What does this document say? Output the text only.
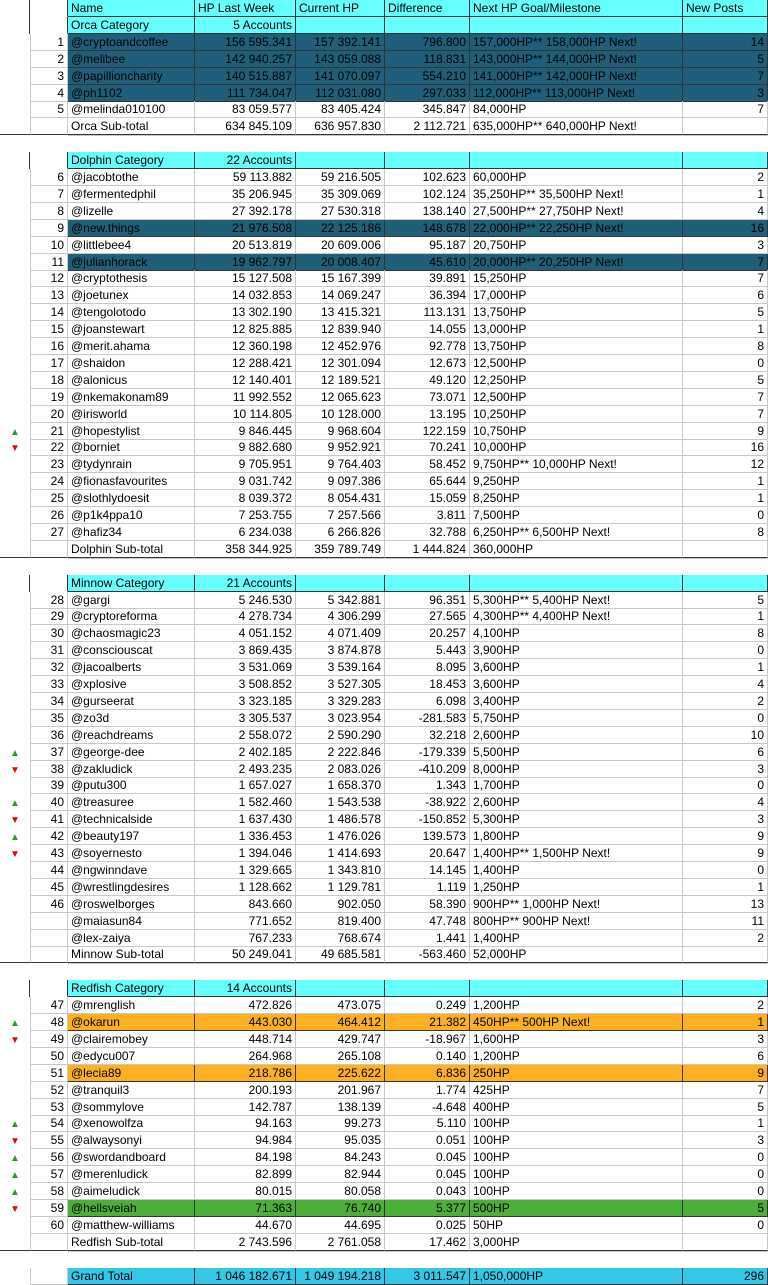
Name	HP Last Week	Current HP	Difference	Next HP Goal/Milestone	New Posts
Orca Category	5 Accounts
1 @cryptoandcoffee	156 595.341	157 392.141	796.800 157,000HP** 158,000HP Next!	14
2 @melibee	142 940.257	143 059.088	118.831 143,000HP** 144,000HP Next!	5
3 @papillioncharity	140 515.887	141 070.097	554.210 141,000HP** 142,000HP Next!	7
4 @ph1102	111 734.047	112 031.080	297.033 112,000HP** 113,000HP Next!	3
5 @melinda010100	83 059.577	83 405.424	345.847 84,000HP	7
Orca Sub-total	634 845.109	636 957.830	2 112.721 635,000HP** 640,000HP Next!
Dolphin Category	22 Accounts
6 @jacobtothe	59 113.882	59 216.505	102.623 60,000HP	2
7 @fermentedphil	35 206.945	35 309.069	102.124 35,250HP** 35,500HP Next!	1
8 @lizelle	27 392.178	27 530.318	138.140 27,500HP** 27,750HP Next!	4
9 @new.things	21 976.508	22 125.186	148.678 22,000HP** 22,250HP Next!	16
10 @littlebee4	20 513.819	20 609.006	95.187 20,750HP	3
11 @julianhorack	19 962.797	20 008.407	45.610 20,000HP** 20,250HP Next!	7
12 @cryptothesis	15 127.508	15 167.399	39.891 15,250HP	7
13 @joetunex	14 032.853	14 069.247	36.394 17,000HP	6
14 @tengolotodo	13 302.190	13 415.321	113.131 13,750HP	5
15 @joanstewart	12 825.885	12 839.940	14.055 13,000HP	1
16 @merit.ahama	12 360.198	12 452.976	92.778 13,750HP	8
17 @shaidon	12 288.421	12 301.094	12.673 12,500HP	0
18 @alonicus	12 140.401	12 189.521	49.120 12,250HP	5
19 @nkemakonam89	11 992.552	12 065.623	73.071 12,500HP	7
20 @irisworld	10 114.805	10 128.000	13.195 10,250HP	7
▲	21 @hopestylist	9 846.445	9 968.604	122.159 10,750HP	9
▼	22 @borniet	9 882.680	9 952.921	70.241 10,000HP	16
23 @tydynrain	9 705.951	9 764.403	58.452 9,750HP** 10,000HP Next!	12
24 @fionasfavourites	9 031.742	9 097.386	65.644 9,250HP	1
25 @slothlydoesit	8 039.372	8 054.431	15.059 8,250HP	1
26 @p1k4ppa10	7 253.755	7 257.566	3.811 7,500HP	0
27 @hafiz34	6 234.038	6 266.826	32.788 6,250HP** 6,500HP Next!	8
Dolphin Sub-total	358 344.925	359 789.749	1 444.824 360,000HP
Minnow Category	21 Accounts
28 @gargi	5 246.530	5 342.881	96.351 5,300HP** 5,400HP Next!	5
29 @cryptoreforma	4 278.734	4 306.299	27.565 4,300HP** 4,400HP Next!	1
30 @chaosmagic23	4 051.152	4 071.409	20.257 4,100HP	8
31 @consciouscat	3 869.435	3 874.878	5.443 3,900HP	0
32 @jacoalberts	3 531.069	3 539.164	8.095 3,600HP	1
33 @xplosive	3 508.852	3 527.305	18.453 3,600HP	4
34 @gurseerat	3 323.185	3 329.283	6.098 3,400HP	2
35 @zo3d	3 305.537	3 023.954	-281.583 5,750HP	0
36 @reachdreams	2 558.072	2 590.290	32.218 2,600HP	10
▲	37 @george-dee	2 402.185	2 222.846	-179.339 5,500HP	6
▼	38 @zakludick	2 493.235	2 083.026	-410.209 8,000HP	3
39 @putu300	1 657.027	1 658.370	1.343 1,700HP	0
▲	40 @treasuree	1 582.460	1 543.538	-38.922 2,600HP	4
▼	41 @technicalside	1 637.430	1 486.578	-150.852 5,300HP	3
▲	42 @beauty197	1 336.453	1 476.026	139.573 1,800HP	9
▼	43 @soyernesto	1 394.046	1 414.693	20.647 1,400HP** 1,500HP Next!	9
44 @ngwinndave	1 329.665	1 343.810	14.145 1,400HP	0
45 @wrestlingdesires	1 128.662	1 129.781	1.119 1,250HP	1
46 @roswelborges	843.660	902.050	58.390 900HP** 1,000HP Next!	13
@maiasun84	771.652	819.400	47.748 800HP** 900HP Next!	11
@lex-zaiya	767.233	768.674	1.441 1,400HP	2
Minnow Sub-total	50 249.041	49 685.581	-563.460 52,000HP
Redfish Category	14 Accounts
47 @mrenglish	472.826	473.075	0.249 1,200HP	2
▲	48 @okarun	443.030	464.412	21.382 450HP** 500HP Next!	1
▼	49 @clairemobey	448.714	429.747	-18.967 1,600HP	3
50 @edycu007	264.968	265.108	0.140 1,200HP	6
51 @lecia89	218.786	225.622	6.836 250HP	9
52 @tranquil3	200.193	201.967	1.774 425HP	7
53 @sommylove	142.787	138.139	-4.648 400HP	5
▲	54 @xenowolfza	94.163	99.273	5.110 100HP	1
▼	55 @alwaysonyi	94.984	95.035	0.051 100HP	3
▲	56 @swordandboard	84.198	84.243	0.045 100HP	0
▲	57 @merenludick	82.899	82.944	0.045 100HP	0
▲	58 @aimeludick	80.015	80.058	0.043 100HP	0
▼	59 @hellsveiah	71.363	76.740	5.377 500HP	5
60 @matthew-williams	44.670	44.695	0.025 50HP	0
Redfish Sub-total	2 743.596	2 761.058	17.462 3,000HP
Grand Total	1 046 182.671	1 049 194.218	3 011.547 1,050,000HP	296
